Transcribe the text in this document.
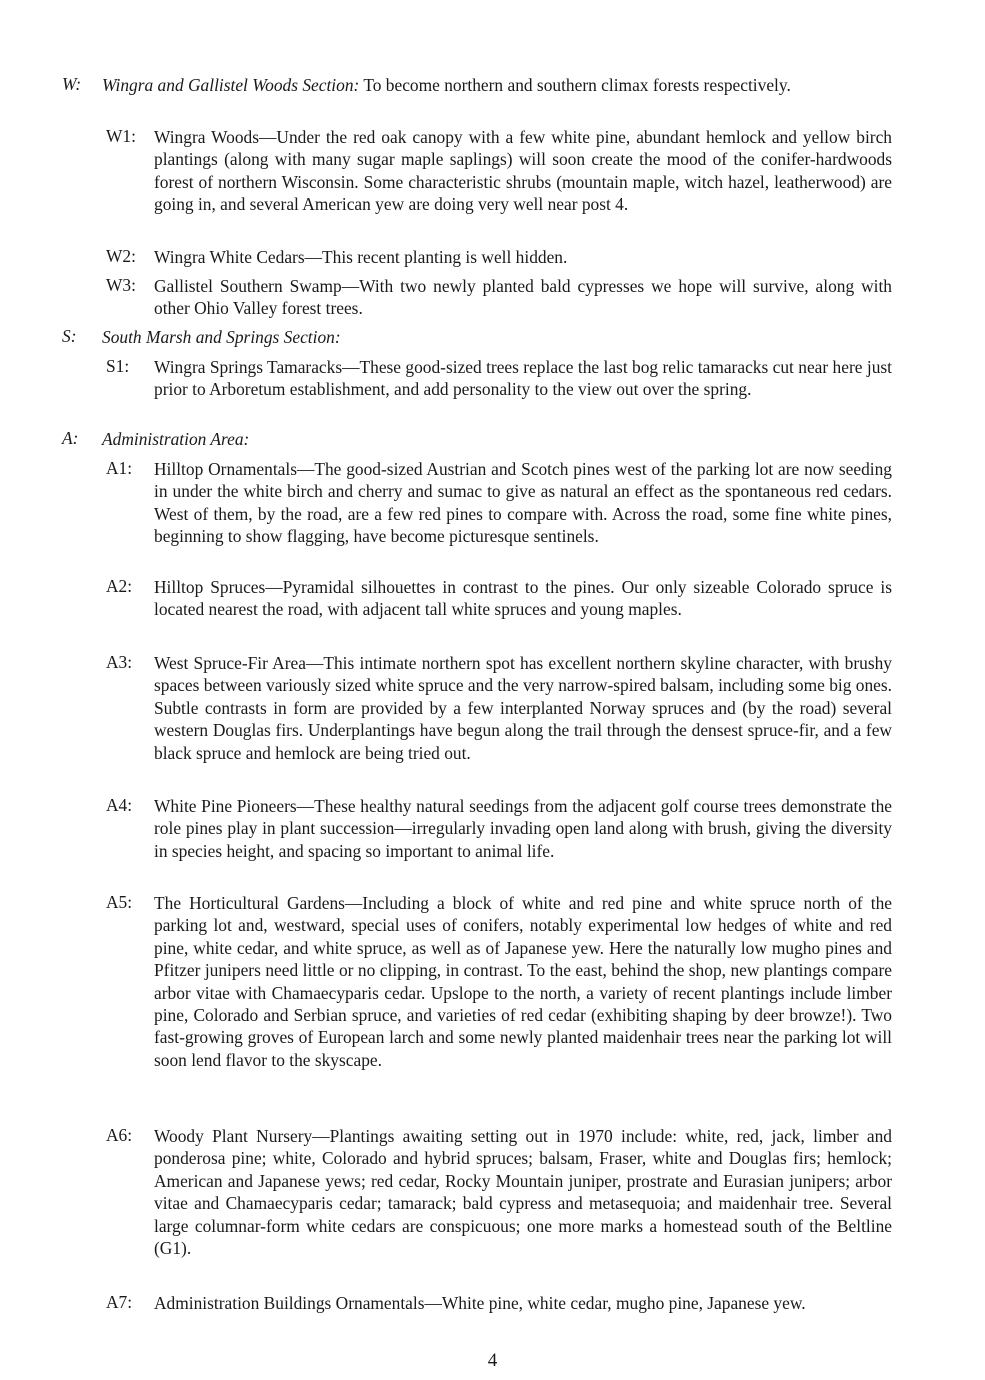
W:	Wingra and Gallistel Woods Section: To become northern and southern climax forests respectively.
W1:	Wingra Woods—Under the red oak canopy with a few white pine, abundant hemlock and yellow birch plantings (along with many sugar maple saplings) will soon create the mood of the conifer-hardwoods forest of northern Wisconsin. Some characteristic shrubs (mountain maple, witch hazel, leatherwood) are going in, and several American yew are doing very well near post 4.
W2:	Wingra White Cedars—This recent planting is well hidden.
W3:	Gallistel Southern Swamp—With two newly planted bald cypresses we hope will survive, along with other Ohio Valley forest trees.
S:	South Marsh and Springs Section:
S1:	Wingra Springs Tamaracks—These good-sized trees replace the last bog relic tamaracks cut near here just prior to Arboretum establishment, and add personality to the view out over the spring.
A:	Administration Area:
A1:	Hilltop Ornamentals—The good-sized Austrian and Scotch pines west of the parking lot are now seeding in under the white birch and cherry and sumac to give as natural an effect as the spontaneous red cedars. West of them, by the road, are a few red pines to compare with. Across the road, some fine white pines, beginning to show flagging, have become picturesque sentinels.
A2:	Hilltop Spruces—Pyramidal silhouettes in contrast to the pines. Our only sizeable Colorado spruce is located nearest the road, with adjacent tall white spruces and young maples.
A3:	West Spruce-Fir Area—This intimate northern spot has excellent northern skyline character, with brushy spaces between variously sized white spruce and the very narrow-spired balsam, including some big ones. Subtle contrasts in form are provided by a few interplanted Norway spruces and (by the road) several western Douglas firs. Underplantings have begun along the trail through the densest spruce-fir, and a few black spruce and hemlock are being tried out.
A4:	White Pine Pioneers—These healthy natural seedings from the adjacent golf course trees demonstrate the role pines play in plant succession—irregularly invading open land along with brush, giving the diversity in species height, and spacing so important to animal life.
A5:	The Horticultural Gardens—Including a block of white and red pine and white spruce north of the parking lot and, westward, special uses of conifers, notably experimental low hedges of white and red pine, white cedar, and white spruce, as well as of Japanese yew. Here the naturally low mugho pines and Pfitzer junipers need little or no clipping, in contrast. To the east, behind the shop, new plantings compare arbor vitae with Chamaecyparis cedar. Upslope to the north, a variety of recent plantings include limber pine, Colorado and Serbian spruce, and varieties of red cedar (exhibiting shaping by deer browze!). Two fast-growing groves of European larch and some newly planted maidenhair trees near the parking lot will soon lend flavor to the skyscape.
A6:	Woody Plant Nursery—Plantings awaiting setting out in 1970 include: white, red, jack, limber and ponderosa pine; white, Colorado and hybrid spruces; balsam, Fraser, white and Douglas firs; hemlock; American and Japanese yews; red cedar, Rocky Mountain juniper, prostrate and Eurasian junipers; arbor vitae and Chamaecyparis cedar; tamarack; bald cypress and metasequoia; and maidenhair tree. Several large columnar-form white cedars are conspicuous; one more marks a homestead south of the Beltline (G1).
A7:	Administration Buildings Ornamentals—White pine, white cedar, mugho pine, Japanese yew.
4
